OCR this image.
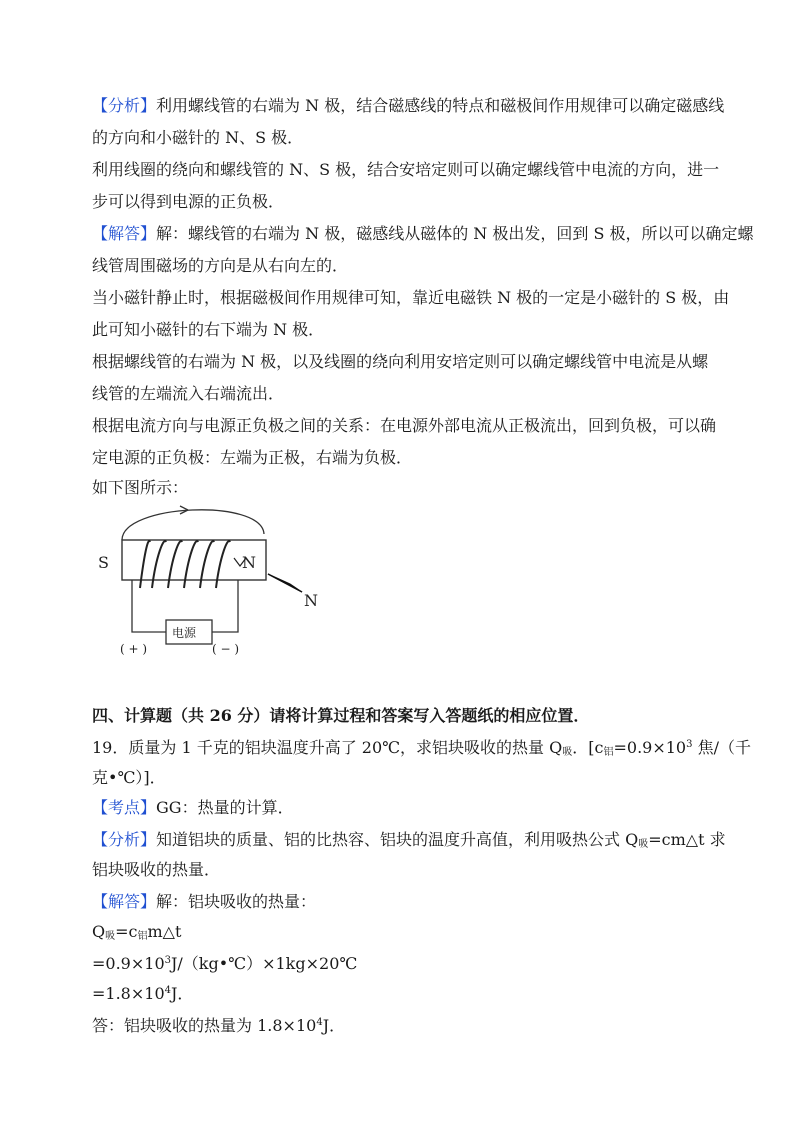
【分析】利用螺线管的右端为 N 极，结合磁感线的特点和磁极间作用规律可以确定磁感线
的方向和小磁针的 N、S 极．
利用线圈的绕向和螺线管的 N、S 极，结合安培定则可以确定螺线管中电流的方向，进一
步可以得到电源的正负极．
【解答】解：螺线管的右端为 N 极，磁感线从磁体的 N 极出发，回到 S 极，所以可以确定螺
线管周围磁场的方向是从右向左的．
当小磁针静止时，根据磁极间作用规律可知，靠近电磁铁 N 极的一定是小磁针的 S 极，由
此可知小磁针的右下端为 N 极．
根据螺线管的右端为 N 极，以及线圈的绕向利用安培定则可以确定螺线管中电流是从螺
线管的左端流入右端流出．
根据电流方向与电源正负极之间的关系：在电源外部电流从正极流出，回到负极，可以确
定电源的正负极：左端为正极，右端为负极．
如下图所示：
S	N
N
电源
( + )	( − )
四、计算题（共 26 分）请将计算过程和答案写入答题纸的相应位置．
19．质量为 1 千克的铝块温度升高了 20℃，求铝块吸收的热量 Q吸．[c铝$=0.9\times 10^3$ 焦/（千
克•℃）]．
【考点】GG：热量的计算．
【分析】知道铝块的质量、铝的比热容、铝块的温度升高值，利用吸热公式 Q吸=cm△t 求
铝块吸收的热量．
【解答】解：铝块吸收的热量：
Q吸=c铝m△t
$=0.9\times 10^3J/(kg•℃)\times 1kg\times 20℃$
$=1.8\times 10^4J$．
答：铝块吸收的热量为 $1.8\times 10^4J$．
